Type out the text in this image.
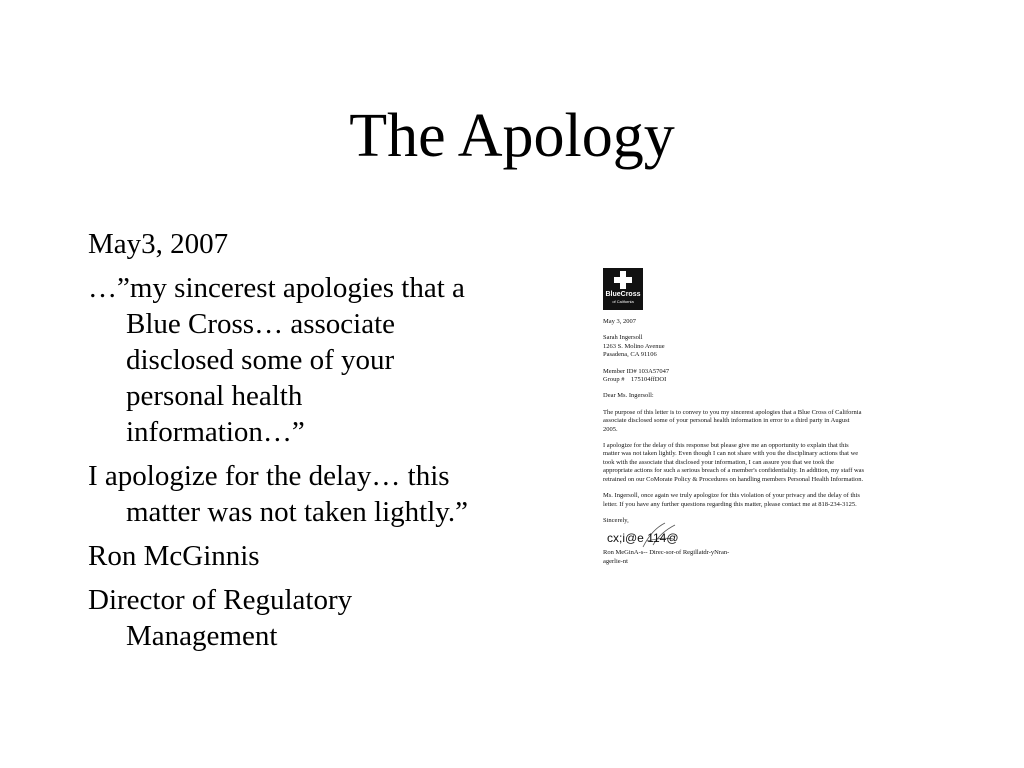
The Apology
May3, 2007
…”my sincerest apologies that a Blue Cross… associate disclosed some of your personal health information…”
I apologize for the delay… this matter was not taken lightly.”
Ron McGinnis
Director of Regulatory Management
BlueCross
of California

May 3, 2007

Sarah Ingersoll

1263 S. Molino Avenue

Pasadena, CA 91106

Member ID# 103A57047

Group #    175104ffDOI

Dear Ms. Ingersoll:

The purpose of this letter is to convey to you my sincerest apologies that a Blue Cross of California associate disclosed some of your personal health information in error to a third party in August 2005.

I apologize for the delay of this response but please give me an opportunity to explain that this matter was not taken lightly. Even though I can not share with you the disciplinary actions that we took with the associate that disclosed your information, I can assure you that we took the appropriate actions for such a serious breach of a member's confidentiality. In addition, my staff was retrained on our CoMorate Policy & Procedures on handling members Personal Health Information.

Ms. Ingersoll, once again we truly apologize for this violation of your privacy and the delay of this letter. If you have any further questions regarding this matter, please contact me at 818-234-3125.

Sincerely,

cx;i@e 114@

Ron MeGinA-s-- Direc-sor-of Regillatdr-yNran-

agerlie-nt
